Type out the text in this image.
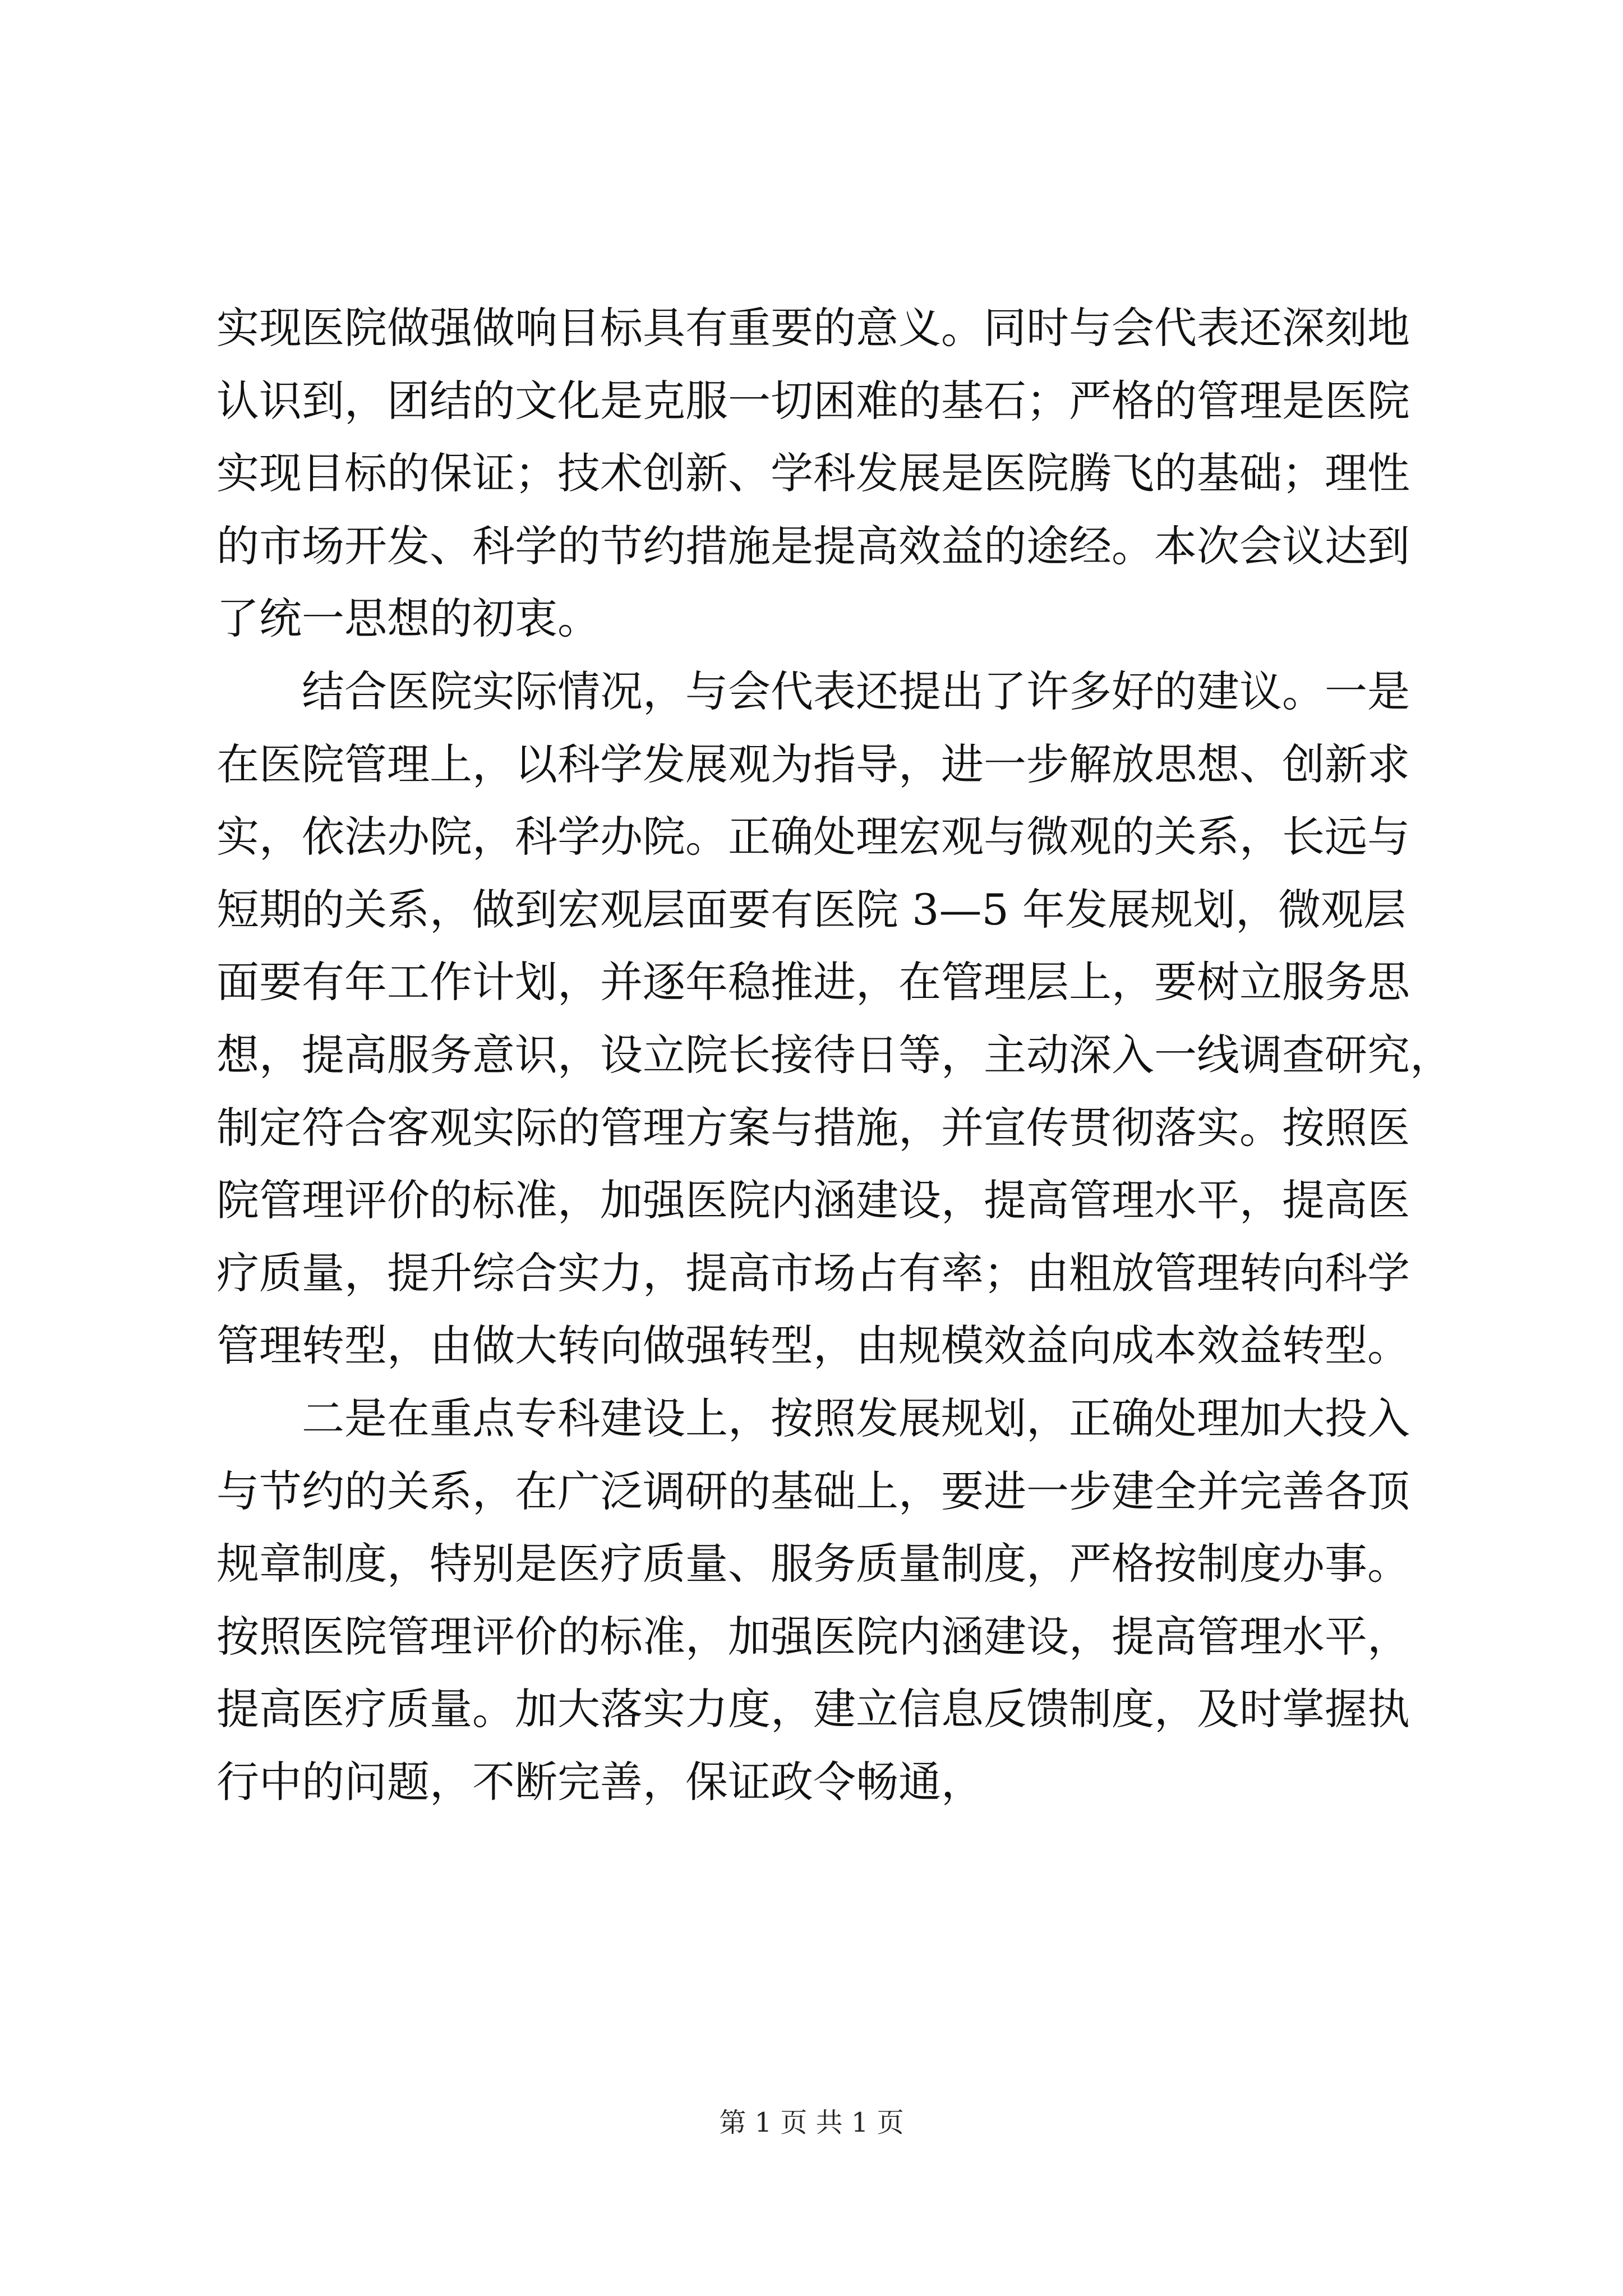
实现医院做强做响目标具有重要的意义。同时与会代表还深刻地
认识到，团结的文化是克服一切困难的基石；严格的管理是医院
实现目标的保证；技术创新、学科发展是医院腾飞的基础；理性
的市场开发、科学的节约措施是提高效益的途经。本次会议达到
了统一思想的初衷。
　　结合医院实际情况，与会代表还提出了许多好的建议。一是
在医院管理上，以科学发展观为指导，进一步解放思想、创新求
实，依法办院，科学办院。正确处理宏观与微观的关系，长远与
短期的关系，做到宏观层面要有医院 3—5 年发展规划，微观层
面要有年工作计划，并逐年稳推进，在管理层上，要树立服务思
想，提高服务意识，设立院长接待日等，主动深入一线调查研究，
制定符合客观实际的管理方案与措施，并宣传贯彻落实。按照医
院管理评价的标准，加强医院内涵建设，提高管理水平，提高医
疗质量，提升综合实力，提高市场占有率；由粗放管理转向科学
管理转型，由做大转向做强转型，由规模效益向成本效益转型。
　　二是在重点专科建设上，按照发展规划，正确处理加大投入
与节约的关系，在广泛调研的基础上，要进一步建全并完善各顶
规章制度，特别是医疗质量、服务质量制度，严格按制度办事。
按照医院管理评价的标准，加强医院内涵建设，提高管理水平，
提高医疗质量。加大落实力度，建立信息反馈制度，及时掌握执
行中的问题，不断完善，保证政令畅通，
第 1 页 共 1 页
